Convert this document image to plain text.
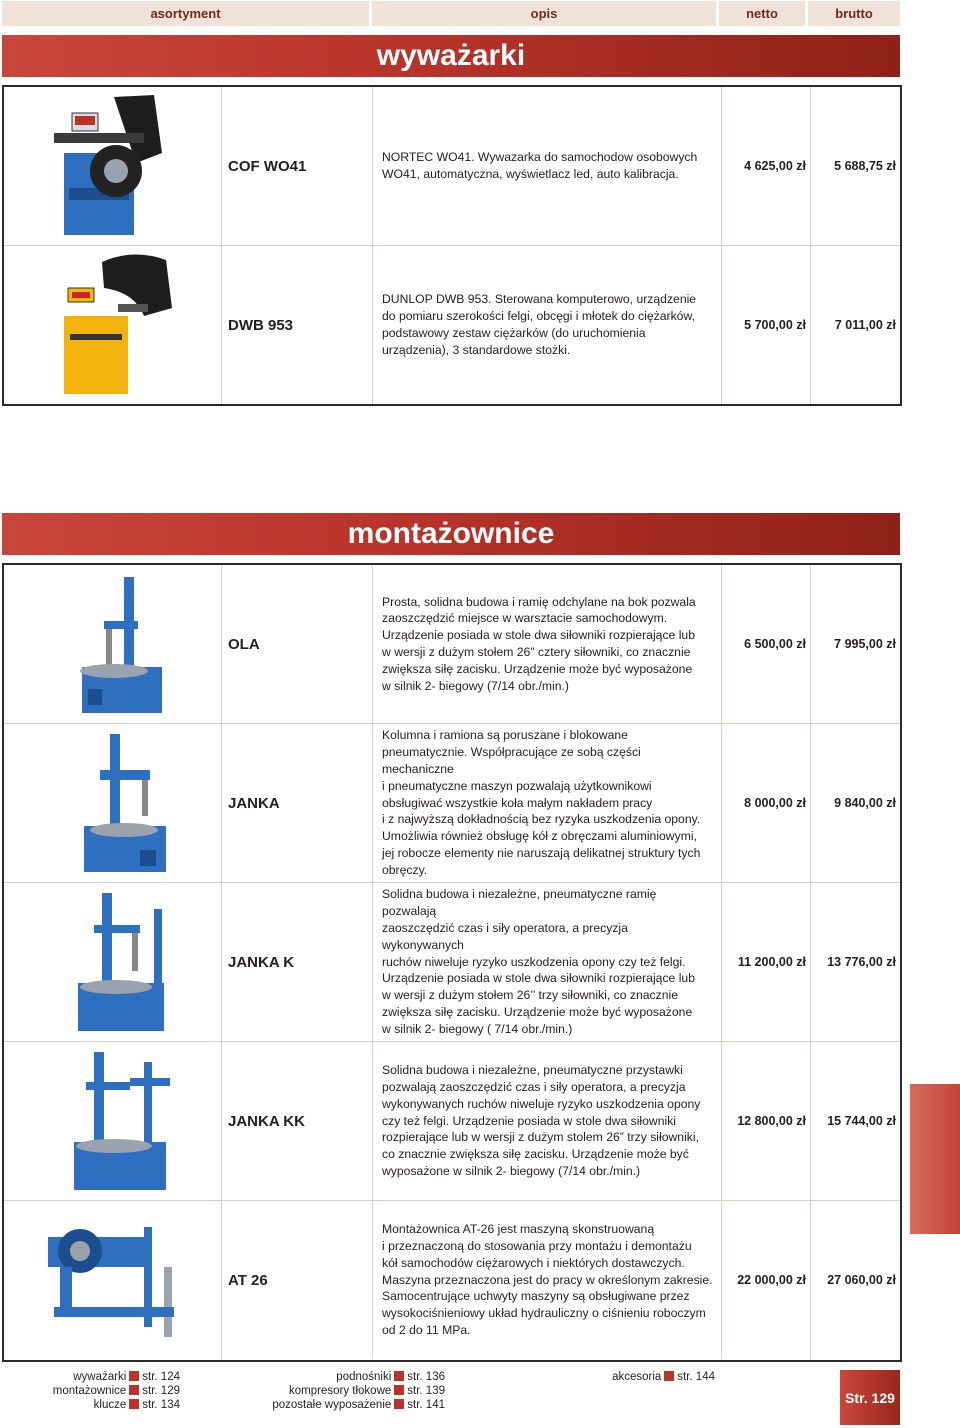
asortyment	opis	netto	brutto
wyważarki
COF WO41
NORTEC WO41. Wywazarka do samochodow osobowych
WO41, automatyczna, wyświetlacz led, auto kalibracja.
4 625,00 zł	5 688,75 zł
DWB 953
DUNLOP DWB 953. Sterowana komputerowo, urządzenie
do pomiaru szerokości felgi, obcęgi i młotek do ciężarków,
podstawowy zestaw ciężarków (do uruchomienia
urządzenia), 3 standardowe stożki.
5 700,00 zł	7 011,00 zł
montażownice
OLA
Prosta, solidna budowa i ramię odchylane na bok pozwala
zaoszczędzić miejsce w warsztacie samochodowym.
Urządzenie posiada w stole dwa siłowniki rozpierające lub
w wersji z dużym stołem 26" cztery siłowniki, co znacznie
zwiększa siłę zacisku. Urządzenie może być wyposażone
w silnik 2- biegowy (7/14 obr./min.)
6 500,00 zł	7 995,00 zł
JANKA
Kolumna i ramiona są poruszane i blokowane
pneumatycznie. Współpracujące ze sobą części mechaniczne
i pneumatyczne maszyn pozwalają użytkownikowi
obsługiwać wszystkie koła małym nakładem pracy
i z najwyższą dokładnością bez ryzyka uszkodzenia opony.
Umożliwia również obsługę kół z obręczami aluminiowymi,
jej robocze elementy nie naruszają delikatnej struktury tych
obręczy.
8 000,00 zł	9 840,00 zł
JANKA K
Solidna budowa i niezależne, pneumatyczne ramię pozwalają
zaoszczędzić czas i siły operatora, a precyzja wykonywanych
ruchów niweluje ryzyko uszkodzenia opony czy też felgi.
Urządzenie posiada w stole dwa siłowniki rozpierające lub
w wersji z dużym stołem 26’’ trzy siłowniki, co znacznie
zwiększa siłę zacisku. Urządzenie może być wyposażone
w silnik 2- biegowy ( 7/14 obr./min.)
11 200,00 zł	13 776,00 zł
JANKA KK
Solidna budowa i niezależne, pneumatyczne przystawki
pozwalają zaoszczędzić czas i siły operatora, a precyzja
wykonywanych ruchów niweluje ryzyko uszkodzenia opony
czy też felgi. Urządzenie posiada w stole dwa siłowniki
rozpierające lub w wersji z dużym stolem 26” trzy siłowniki,
co znacznie zwiększa siłę zacisku. Urządzenie może być
wyposażone w silnik 2- biegowy (7/14 obr./min.)
12 800,00 zł	15 744,00 zł
AT 26
Montażownica AT-26 jest maszyną skonstruowaną
i przeznaczoną do stosowania przy montażu i demontażu
kół samochodów ciężarowych i niektórych dostawczych.
Maszyna przeznaczona jest do pracy w określonym zakresie.
Samocentrujące uchwyty maszyny są obsługiwane przez
wysokociśnieniowy układ hydrauliczny o ciśnieniu roboczym
od 2 do 11 MPa.
22 000,00 zł	27 060,00 zł
wyważarki str. 124
montażownice str. 129
klucze str. 134
podnośniki str. 136
kompresory tłokowe str. 139
pozostałe wyposażenie str. 141
akcesoria str. 144
Str. 129
